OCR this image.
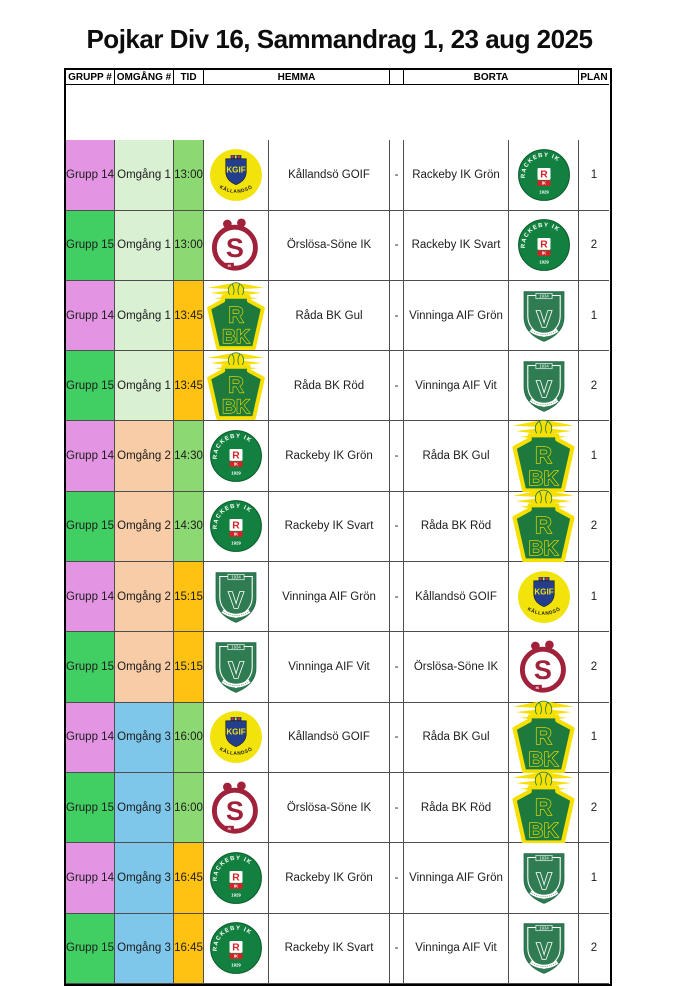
Pojkar Div 16, Sammandrag 1, 23 aug 2025
GRUPP # OMGÅNG # TID	HEMMA	BORTA	PLAN
Grupp 14 Omgång 1 13:00	Kållandsö GOIF	-	Rackeby IK Grön	1
Grupp 15 Omgång 1 13:00	Örslösa-Söne IK	-	Rackeby IK Svart	2
Grupp 14 Omgång 1 13:45	Råda BK Gul	- Vinninga AIF Grön	1
Grupp 15 Omgång 1 13:45	Råda BK Röd	-	Vinninga AIF Vit	2
Grupp 14 Omgång 2 14:30	Rackeby IK Grön	-	Råda BK Gul	1
Grupp 15 Omgång 2 14:30	Rackeby IK Svart	-	Råda BK Röd	2
Grupp 14 Omgång 2 15:15	Vinninga AIF Grön	-	Kållandsö GOIF	1
Grupp 15 Omgång 2 15:15	Vinninga AIF Vit	-	Örslösa-Söne IK	2
Grupp 14 Omgång 3 16:00	Kållandsö GOIF	-	Råda BK Gul	1
Grupp 15 Omgång 3 16:00	Örslösa-Söne IK	-	Råda BK Röd	2
Grupp 14 Omgång 3 16:45	Rackeby IK Grön	- Vinninga AIF Grön	1
Grupp 15 Omgång 3 16:45	Rackeby IK Svart	-	Vinninga AIF Vit	2
